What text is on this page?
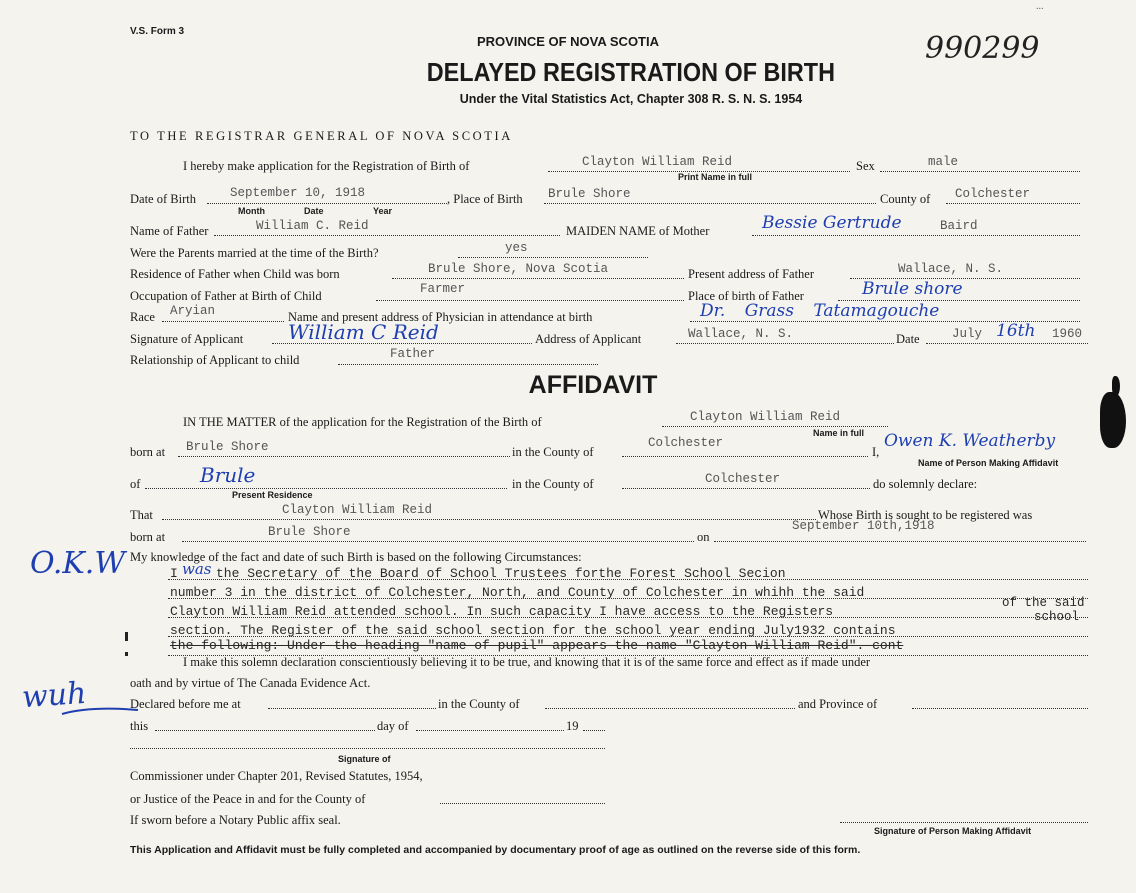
V.S. Form 3
PROVINCE OF NOVA SCOTIA
DELAYED REGISTRATION OF BIRTH
Under the Vital Statistics Act, Chapter 308 R. S. N. S. 1954
990299
...
TO THE REGISTRAR GENERAL OF NOVA SCOTIA
I hereby make application for the Registration of Birth of	Clayton William Reid
Print Name in full
Sex	male
Date of Birth	September 10, 1918
Month	Date	Year
, Place of Birth Brule Shore	County of Colchester
Name of Father	William C. Reid	MAIDEN NAME of Mother	Bessie Gertrude	Baird
Were the Parents married at the time of the Birth?	yes
Residence of Father when Child was born	Brule Shore, Nova Scotia	Present address of Father	Wallace, N. S.
Occupation of Father at Birth of Child	Farmer	Place of birth of Father	Brule shore
Race Aryian	Name and present address of Physician in attendance at birth	Dr. Grass Tatamagouche
Signature of Applicant William C Reid	Address of Applicant	Wallace, N. S.	Date	July 16th 1960
Relationship of Applicant to child	Father
AFFIDAVIT
IN THE MATTER of the application for the Registration of the Birth of	Clayton William Reid
Name in full
born at Brule Shore	in the County of
Colchester
I,
Owen K. Weatherby
Name of Person Making Affidavit
of	Brule
Present Residence
in the County of	Colchester	do solemnly declare:
That	Clayton William Reid	Whose Birth is sought to be registered was
born at	Brule Shore	on
September 10th,1918
My knowledge of the fact and date of such Birth is based on the following Circumstances:
I was the Secretary of the Board of School Trustees forthe Forest School Secion
number 3 in the district of Colchester, North, and County of Colchester in whihh the said
Clayton William Reid attended school. In such capacity I have access to the Registers
of the said
school
section. The Register of the said school section for the school year ending July1932 contains
the following: Under the heading "name of pupil" appears the name "Clayton William Reid".-cont
I make this solemn declaration conscientiously believing it to be true, and knowing that it is of the same force and effect as if made under
oath and by virtue of The Canada Evidence Act.
Declared before me at	in the County of	and Province of
this	day of	19
Signature of
Commissioner under Chapter 201, Revised Statutes, 1954,
or Justice of the Peace in and for the County of
If sworn before a Notary Public affix seal.
Signature of Person Making Affidavit
O.K.W
wuh
This Application and Affidavit must be fully completed and accompanied by documentary proof of age as outlined on the reverse side of this form.
